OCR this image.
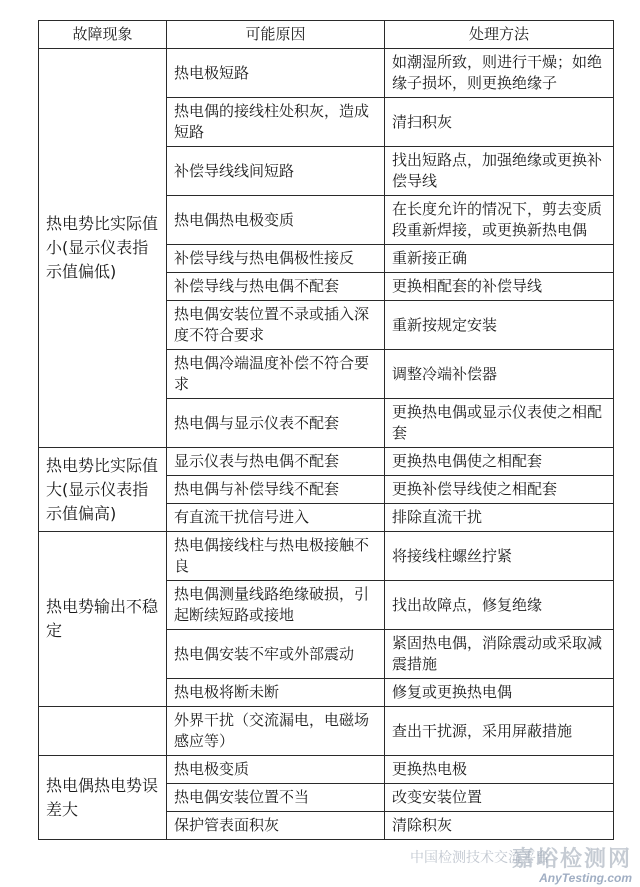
故障现象	可能原因	处理方法
热电势比实际值小(显示仪表指示值偏低)	热电极短路	如潮湿所致，则进行干燥；如绝缘子损坏，则更换绝缘子
	热电偶的接线柱处积灰，造成短路	清扫积灰
	补偿导线线间短路	找出短路点，加强绝缘或更换补偿导线
	热电偶热电极变质	在长度允许的情况下，剪去变质段重新焊接，或更换新热电偶
	补偿导线与热电偶极性接反	重新接正确
	补偿导线与热电偶不配套	更换相配套的补偿导线
	热电偶安装位置不录或插入深度不符合要求	重新按规定安装
	热电偶冷端温度补偿不符合要求	调整冷端补偿器
	热电偶与显示仪表不配套	更换热电偶或显示仪表使之相配套
热电势比实际值大(显示仪表指示值偏高)	显示仪表与热电偶不配套	更换热电偶使之相配套
	热电偶与补偿导线不配套	更换补偿导线使之相配套
	有直流干扰信号进入	排除直流干扰
热电势输出不稳定	热电偶接线柱与热电极接触不良	将接线柱螺丝拧紧
	热电偶测量线路绝缘破损，引起断续短路或接地	找出故障点，修复绝缘
	热电偶安装不牢或外部震动	紧固热电偶，消除震动或采取减震措施
	热电极将断未断	修复或更换热电偶
	外界干扰（交流漏电，电磁场感应等）	查出干扰源，采用屏蔽措施
热电偶热电势误差大	热电极变质	更换热电极
	热电偶安装位置不当	改变安装位置
	保护管表面积灰	清除积灰
中国检测技术交流平台
嘉峪检测网
AnyTesting.com
